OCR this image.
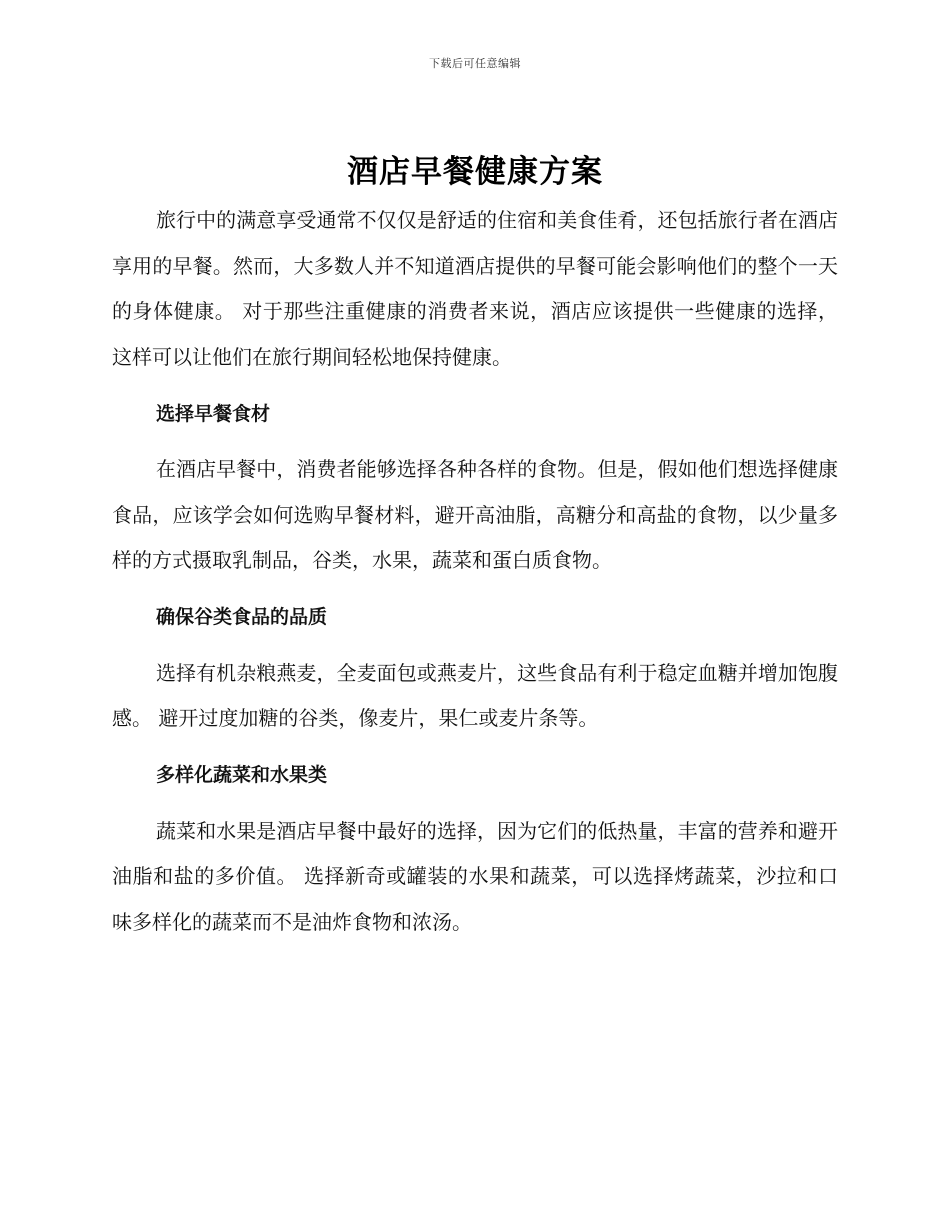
下载后可任意编辑
酒店早餐健康方案

旅行中的满意享受通常不仅仅是舒适的住宿和美食佳肴，还包括旅行者在酒店享用的早餐。然而，大多数人并不知道酒店提供的早餐可能会影响他们的整个一天的身体健康。 对于那些注重健康的消费者来说，酒店应该提供一些健康的选择，这样可以让他们在旅行期间轻松地保持健康。

选择早餐食材

在酒店早餐中，消费者能够选择各种各样的食物。但是，假如他们想选择健康食品，应该学会如何选购早餐材料，避开高油脂，高糖分和高盐的食物，以少量多样的方式摄取乳制品，谷类，水果，蔬菜和蛋白质食物。

确保谷类食品的品质

选择有机杂粮燕麦，全麦面包或燕麦片，这些食品有利于稳定血糖并增加饱腹感。 避开过度加糖的谷类，像麦片，果仁或麦片条等。

多样化蔬菜和水果类

蔬菜和水果是酒店早餐中最好的选择，因为它们的低热量，丰富的营养和避开油脂和盐的多价值。 选择新奇或罐装的水果和蔬菜，可以选择烤蔬菜，沙拉和口味多样化的蔬菜而不是油炸食物和浓汤。
